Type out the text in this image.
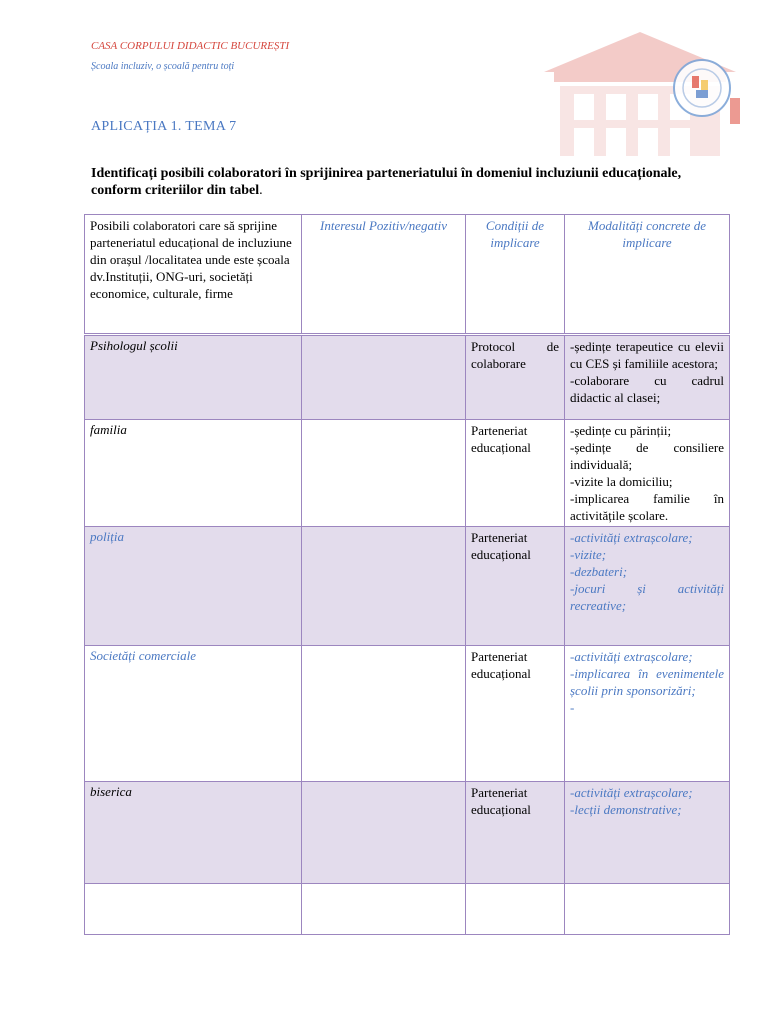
CASA CORPULUI DIDACTIC BUCUREȘTI
Școala incluziv, o școală pentru toți
APLICAȚIA 1. TEMA 7
Identificați posibili colaboratori în sprijinirea parteneriatului în domeniul incluziunii educaționale, conform criteriilor din tabel.
Posibili colaboratori care să sprijine parteneriatul educațional de incluziune din orașul /localitatea unde este școala dv.Instituții, ONG-uri, societăți economice, culturale, firme	Interesul Pozitiv/negativ	Condiții de implicare	Modalități concrete de implicare
Psihologul școlii		Protocol de colaborare	-ședințe terapeutice cu elevii cu CES și familiile acestora;
-colaborare cu cadrul didactic al clasei;

familia		Parteneriat educațional	-ședințe cu părinții;
-ședințe de consiliere individuală;
-vizite la domiciliu;
-implicarea familie în activitățile școlare.

poliția		Parteneriat educațional	-activități extrașcolare;
-vizite;
-dezbateri;
-jocuri și activități recreative;

Societăți comerciale		Parteneriat educațional	-activități extrașcolare;
-implicarea în evenimentele școlii prin sponsorizări;
-

biserica		Parteneriat educațional	-activități extrașcolare;
-lecții demonstrative;
